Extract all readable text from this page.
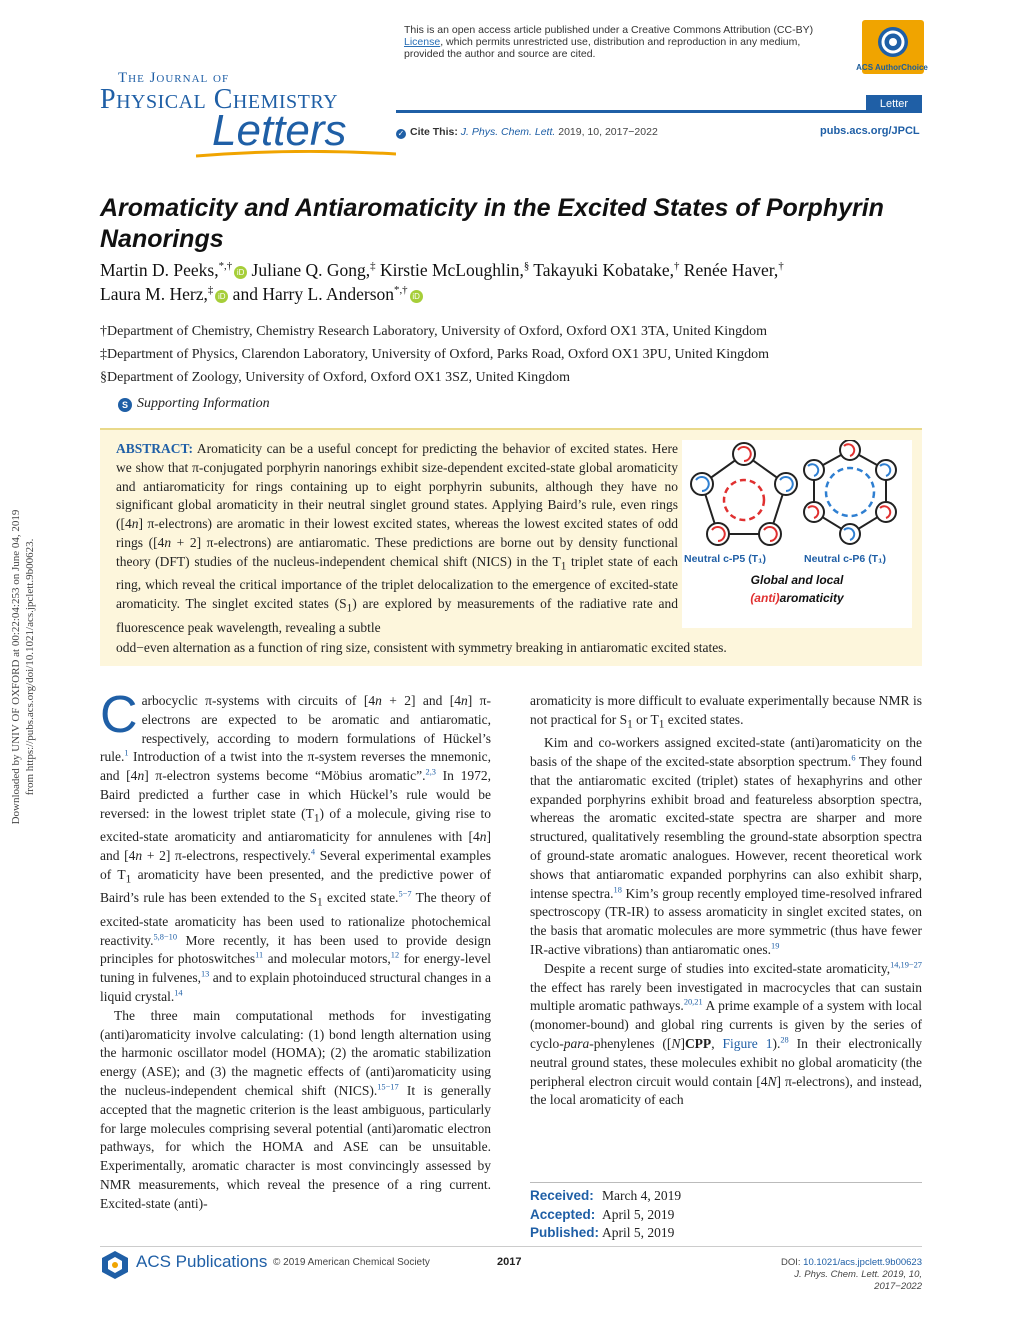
Downloaded by UNIV OF OXFORD at 00:22:04:253 on June 04, 2019 from https://pubs.acs.org/doi/10.1021/acs.jpclett.9b00623.
This is an open access article published under a Creative Commons Attribution (CC-BY)
License, which permits unrestricted use, distribution and reproduction in any medium,
provided the author and source are cited.
ACS AuthorChoice
The Journal of
Physical Chemistry
Letters
Letter
✓ Cite This: J. Phys. Chem. Lett. 2019, 10, 2017−2022	pubs.acs.org/JPCL
Aromaticity and Antiaromaticity in the Excited States of Porphyrin Nanorings
Martin D. Peeks,*,†iD Juliane Q. Gong,‡ Kirstie McLoughlin,§ Takayuki Kobatake,† Renée Haver,†
Laura M. Herz,‡iD and Harry L. Anderson*,†iD
†Department of Chemistry, Chemistry Research Laboratory, University of Oxford, Oxford OX1 3TA, United Kingdom
‡Department of Physics, Clarendon Laboratory, University of Oxford, Parks Road, Oxford OX1 3PU, United Kingdom
§Department of Zoology, University of Oxford, Oxford OX1 3SZ, United Kingdom
S Supporting Information
ABSTRACT: Aromaticity can be a useful concept for predicting the behavior of excited states. Here we show that π-conjugated porphyrin nanorings exhibit size-dependent excited-state global aromaticity and antiaromaticity for rings containing up to eight porphyrin subunits, although they have no significant global aromaticity in their neutral singlet ground states. Applying Baird’s rule, even rings ([4n] π-electrons) are aromatic in their lowest excited states, whereas the lowest excited states of odd rings ([4n + 2] π-electrons) are antiaromatic. These predictions are borne out by density functional theory (DFT) studies of the nucleus-independent chemical shift (NICS) in the $T_1$ triplet state of each ring, which reveal the critical importance of the triplet delocalization to the emergence of excited-state aromaticity. The singlet excited states $(S_1)$ are explored by measurements of the radiative rate and fluorescence peak wavelength, revealing a subtle
odd−even alternation as a function of ring size, consistent with symmetry breaking in antiaromatic excited states.
Neutral c-P5 (T₁)	Neutral c-P6 (T₁)
Global and local
(anti)aromaticity

Carbocyclic π-systems with circuits of [4n + 2] and [4n] π-electrons are expected to be aromatic and antiaromatic, respectively, according to modern formulations of Hückel’s rule.$^1$ Introduction of a twist into the π-system reverses the mnemonic, and [4n] π-electron systems become “Möbius aromatic”.$^{2,3}$ In 1972, Baird predicted a further case in which Hückel’s rule would be reversed: in the lowest triplet state $(T_1)$ of a molecule, giving rise to excited-state aromaticity and antiaromaticity for annulenes with [4n] and [4n + 2] π-electrons, respectively.$^4$ Several experimental examples of $T_1$ aromaticity have been presented, and the predictive power of Baird’s rule has been extended to the $S_1$ excited state.$^{5-7}$ The theory of excited-state aromaticity has been used to rationalize photochemical reactivity.$^{5,8-10}$ More recently, it has been used to provide design principles for photoswitches$^{11}$ and molecular motors,$^{12}$ for energy-level tuning in fulvenes,$^{13}$ and to explain photoinduced structural changes in a liquid crystal.$^{14}$

The three main computational methods for investigating (anti)aromaticity involve calculating: (1) bond length alternation using the harmonic oscillator model (HOMA); (2) the aromatic stabilization energy (ASE); and (3) the magnetic effects of (anti)aromaticity using the nucleus-independent chemical shift (NICS).$^{15-17}$ It is generally accepted that the magnetic criterion is the least ambiguous, particularly for large molecules comprising several potential (anti)aromatic electron pathways, for which the HOMA and ASE can be unsuitable. Experimentally, aromatic character is most convincingly assessed by NMR measurements, which reveal the presence of a ring current. Excited-state (anti)-

aromaticity is more difficult to evaluate experimentally because NMR is not practical for $S_1$ or $T_1$ excited states.

Kim and co-workers assigned excited-state (anti)aromaticity on the basis of the shape of the excited-state absorption spectrum.$^6$ They found that the antiaromatic excited (triplet) states of hexaphyrins and other expanded porphyrins exhibit broad and featureless absorption spectra, whereas the aromatic excited-state spectra are sharper and more structured, qualitatively resembling the ground-state absorption spectra of ground-state aromatic analogues. However, recent theoretical work shows that antiaromatic expanded porphyrins can also exhibit sharp, intense spectra.$^{18}$ Kim’s group recently employed time-resolved infrared spectroscopy (TR-IR) to assess aromaticity in singlet excited states, on the basis that aromatic molecules are more symmetric (thus have fewer IR-active vibrations) than antiaromatic ones.$^{19}$

Despite a recent surge of studies into excited-state aromaticity,$^{14,19-27}$ the effect has rarely been investigated in macrocycles that can sustain multiple aromatic pathways.$^{20,21}$ A prime example of a system with local (monomer-bound) and global ring currents is given by the series of cyclo-para-phenylenes ([N]CPP, Figure 1).$^{28}$ In their electronically neutral ground states, these molecules exhibit no global aromaticity (the peripheral electron circuit would contain [4N] π-electrons), and instead, the local aromaticity of each

Received: March 4, 2019
Accepted: April 5, 2019
Published: April 5, 2019
ACS Publications © 2019 American Chemical Society	2017	DOI: 10.1021/acs.jpclett.9b00623
J. Phys. Chem. Lett. 2019, 10, 2017−2022
